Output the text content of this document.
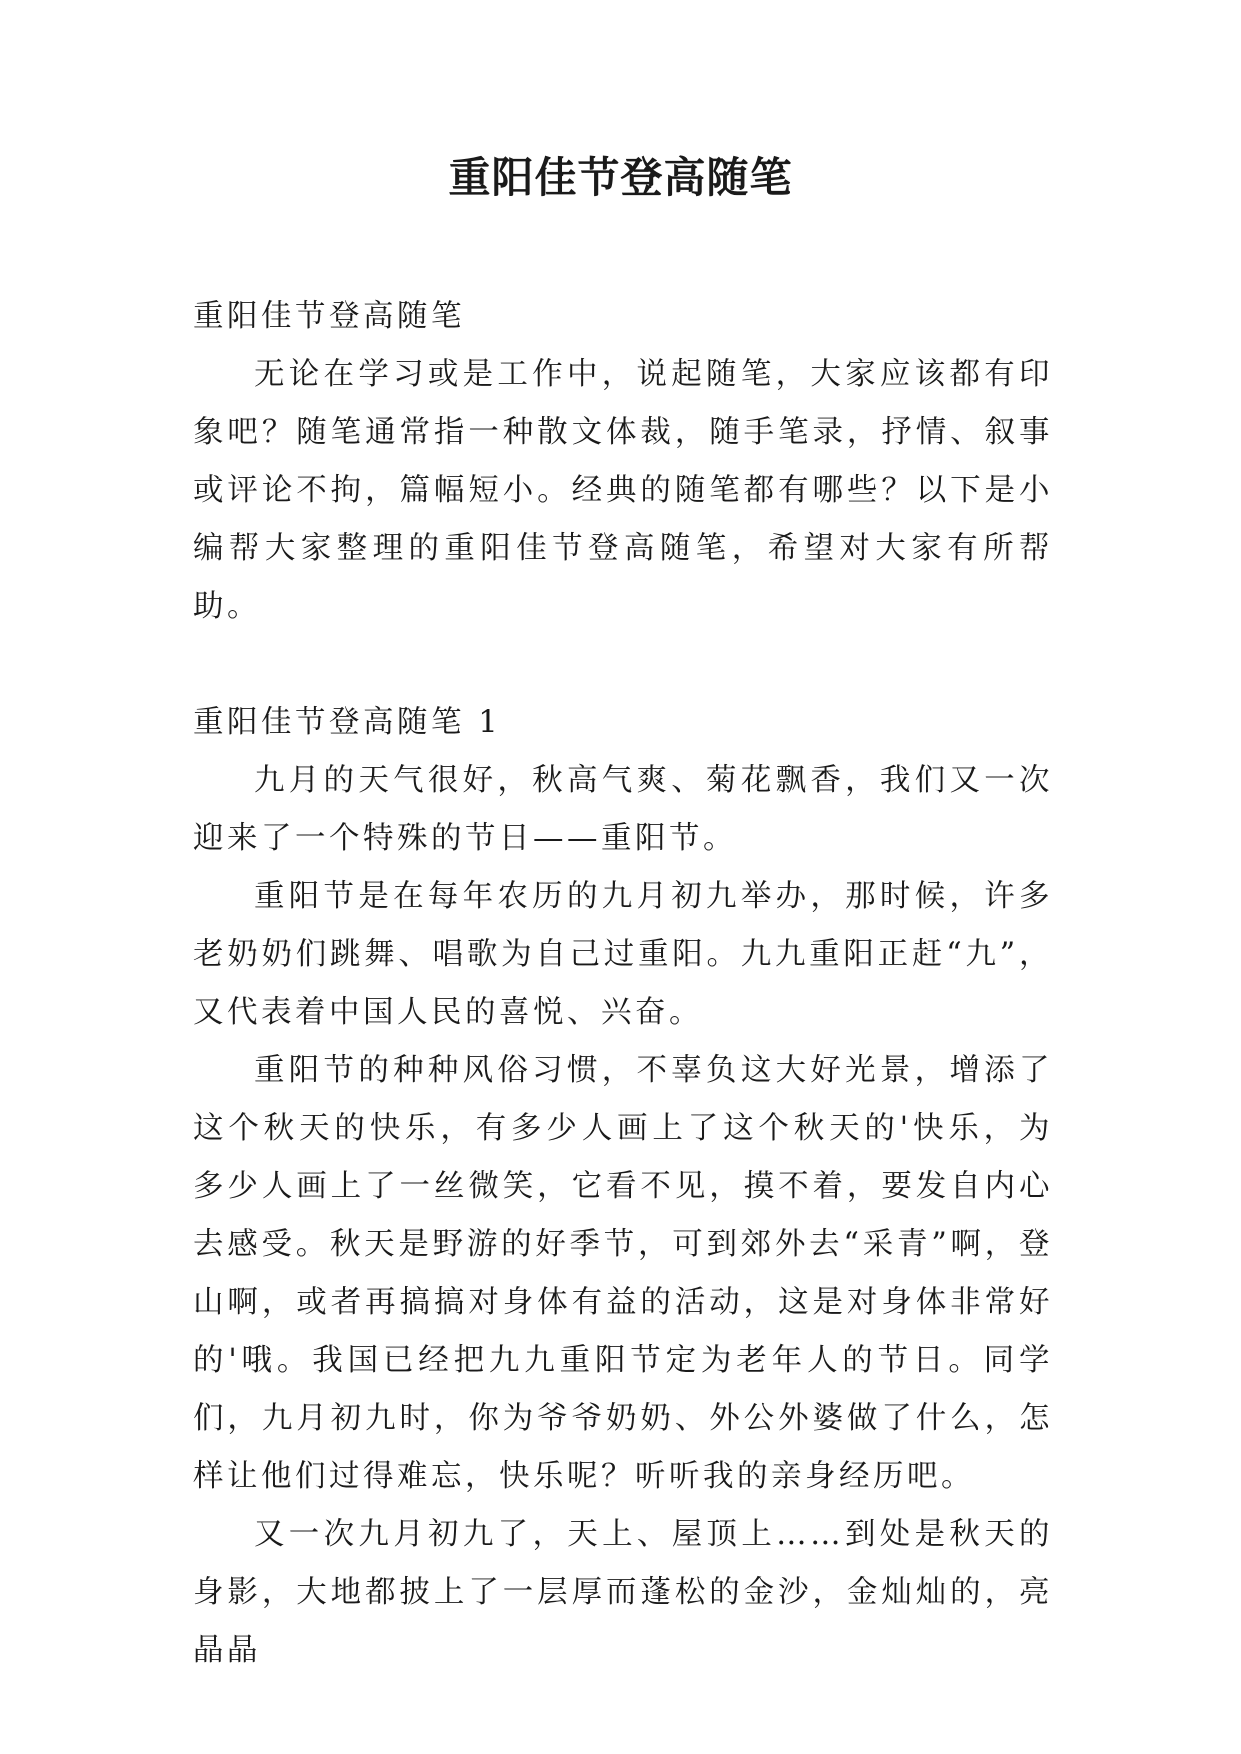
重阳佳节登高随笔

重阳佳节登高随笔

无论在学习或是工作中，说起随笔，大家应该都有印象吧？随笔通常指一种散文体裁，随手笔录，抒情、叙事或评论不拘，篇幅短小。经典的随笔都有哪些？以下是小编帮大家整理的重阳佳节登高随笔，希望对大家有所帮助。

重阳佳节登高随笔 1

九月的天气很好，秋高气爽、菊花飘香，我们又一次迎来了一个特殊的节日——重阳节。

重阳节是在每年农历的九月初九举办，那时候，许多老奶奶们跳舞、唱歌为自己过重阳。九九重阳正赶“九”，又代表着中国人民的喜悦、兴奋。

重阳节的种种风俗习惯，不辜负这大好光景，增添了这个秋天的快乐，有多少人画上了这个秋天的'快乐，为多少人画上了一丝微笑，它看不见，摸不着，要发自内心去感受。秋天是野游的好季节，可到郊外去“采青”啊，登山啊，或者再搞搞对身体有益的活动，这是对身体非常好的'哦。我国已经把九九重阳节定为老年人的节日。同学们，九月初九时，你为爷爷奶奶、外公外婆做了什么，怎样让他们过得难忘，快乐呢？听听我的亲身经历吧。

又一次九月初九了，天上、屋顶上……到处是秋天的身影，大地都披上了一层厚而蓬松的金沙，金灿灿的，亮晶晶
